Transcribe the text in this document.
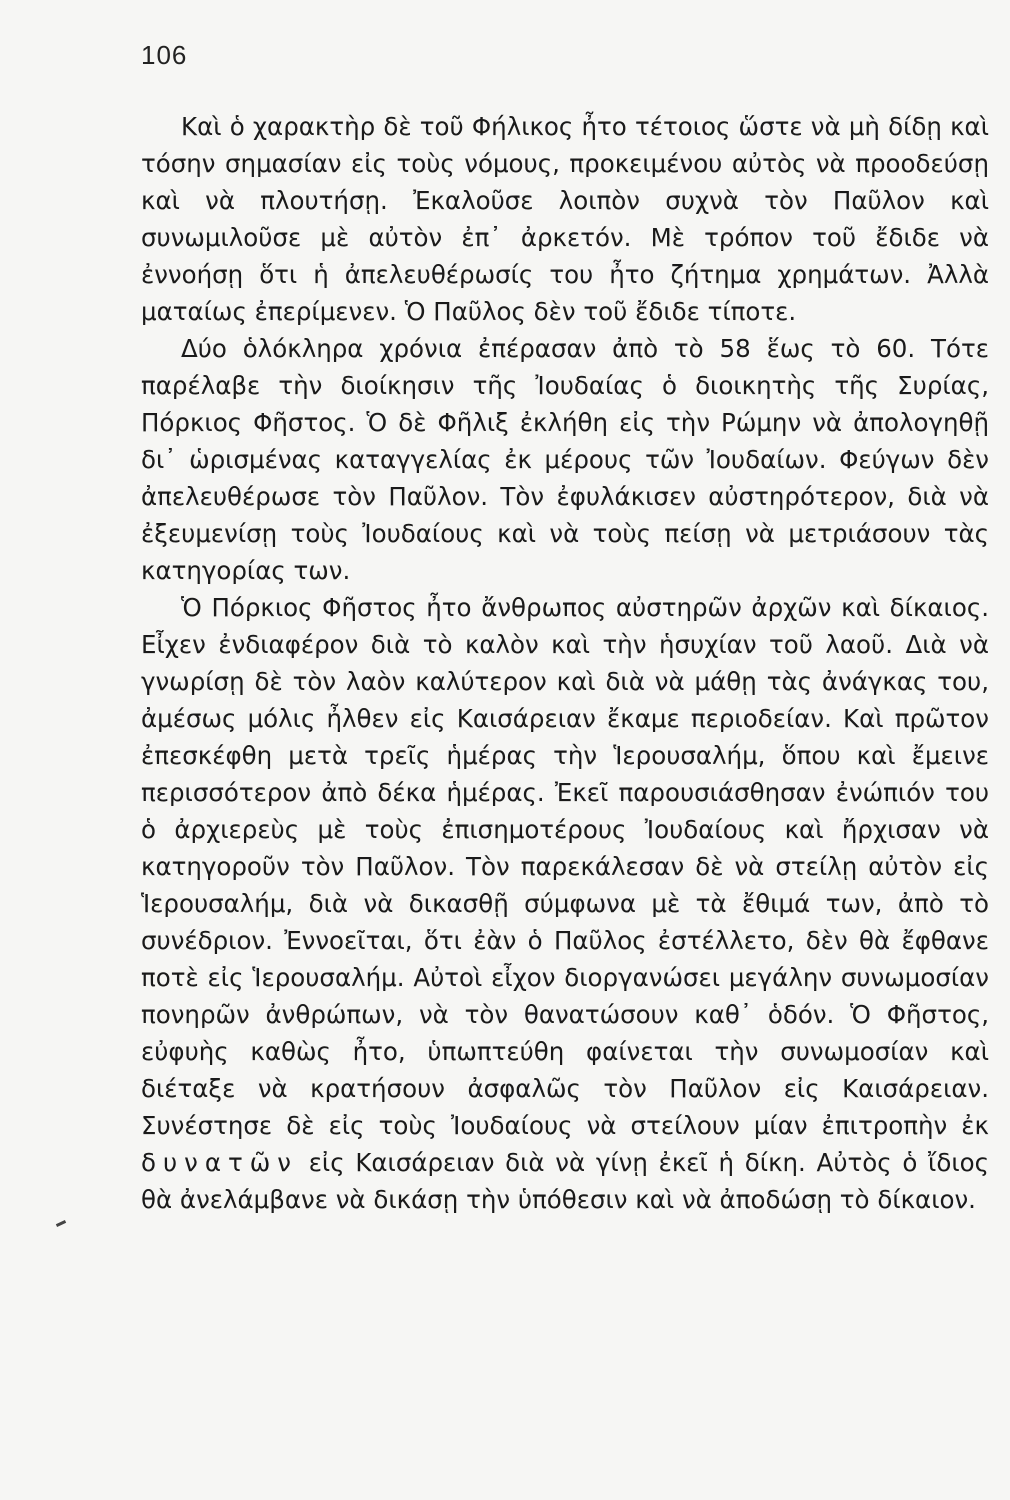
106

Καὶ ὁ χαρακτὴρ δὲ τοῦ Φήλικος ἦτο τέτοιος ὥστε νὰ μὴ δίδῃ καὶ τόσην σημασίαν εἰς τοὺς νόμους, προκειμένου αὐτὸς νὰ προοδεύσῃ καὶ νὰ πλουτήσῃ. Ἐκαλοῦσε λοιπὸν συχνὰ τὸν Παῦλον καὶ συνωμιλοῦσε μὲ αὐτὸν ἐπ᾽ ἀρκετόν. Μὲ τρόπον τοῦ ἔδιδε νὰ ἐννοήσῃ ὅτι ἡ ἀπελευθέρωσίς του ἦτο ζήτημα χρημάτων. Ἀλλὰ ματαίως ἐπερίμενεν. Ὁ Παῦλος δὲν τοῦ ἔδιδε τίποτε.

Δύο ὁλόκληρα χρόνια ἐπέρασαν ἀπὸ τὸ 58 ἕως τὸ 60. Τότε παρέλαβε τὴν διοίκησιν τῆς Ἰουδαίας ὁ διοικητὴς τῆς Συρίας, Πόρκιος Φῆστος. Ὁ δὲ Φῆλιξ ἐκλήθη εἰς τὴν Ρώμην νὰ ἀπολογηθῇ δι᾽ ὡρισμένας καταγγελίας ἐκ μέρους τῶν Ἰουδαίων. Φεύγων δὲν ἀπελευθέρωσε τὸν Παῦλον. Τὸν ἐφυλάκισεν αὐστηρότερον, διὰ νὰ ἐξευμενίσῃ τοὺς Ἰουδαίους καὶ νὰ τοὺς πείσῃ νὰ μετριάσουν τὰς κατηγορίας των.

Ὁ Πόρκιος Φῆστος ἦτο ἄνθρωπος αὐστηρῶν ἀρχῶν καὶ δίκαιος. Εἶχεν ἐνδιαφέρον διὰ τὸ καλὸν καὶ τὴν ἡσυχίαν τοῦ λαοῦ. Διὰ νὰ γνωρίσῃ δὲ τὸν λαὸν καλύτερον καὶ διὰ νὰ μάθῃ τὰς ἀνάγκας του, ἀμέσως μόλις ἦλθεν εἰς Καισάρειαν ἔκαμε περιοδείαν. Καὶ πρῶτον ἐπεσκέφθη μετὰ τρεῖς ἡμέρας τὴν Ἱερουσαλήμ, ὅπου καὶ ἔμεινε περισσότερον ἀπὸ δέκα ἡμέρας. Ἐκεῖ παρουσιάσθησαν ἐνώπιόν του ὁ ἀρχιερεὺς μὲ τοὺς ἐπισημοτέρους Ἰουδαίους καὶ ἤρχισαν νὰ κατηγοροῦν τὸν Παῦλον. Τὸν παρεκάλεσαν δὲ νὰ στείλῃ αὐτὸν εἰς Ἱερουσαλήμ, διὰ νὰ δικασθῇ σύμφωνα μὲ τὰ ἔθιμά των, ἀπὸ τὸ συνέδριον. Ἐννοεῖται, ὅτι ἐὰν ὁ Παῦλος ἐστέλλετο, δὲν θὰ ἔφθανε ποτὲ εἰς Ἱερουσαλήμ. Αὐτοὶ εἶχον διοργανώσει μεγάλην συνωμοσίαν πονηρῶν ἀνθρώπων, νὰ τὸν θανατώσουν καθ᾽ ὁδόν. Ὁ Φῆστος, εὐφυὴς καθὼς ἦτο, ὑπωπτεύθη φαίνεται τὴν συνωμοσίαν καὶ διέταξε νὰ κρατήσουν ἀσφαλῶς τὸν Παῦλον εἰς Καισάρειαν. Συνέστησε δὲ εἰς τοὺς Ἰουδαίους νὰ στείλουν μίαν ἐπιτροπὴν ἐκ δυνατῶν εἰς Καισάρειαν διὰ νὰ γίνῃ ἐκεῖ ἡ δίκη. Αὐτὸς ὁ ἴδιος θὰ ἀνελάμβανε νὰ δικάσῃ τὴν ὑπόθεσιν καὶ νὰ ἀποδώσῃ τὸ δίκαιον.
